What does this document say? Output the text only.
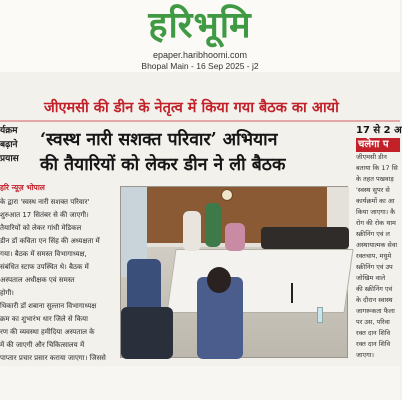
हरिभूमि
epaper.haribhoomi.com
Bhopal Main - 16 Sep 2025 - j2
जीएमसी की डीन के नेतृत्व में किया गया बैठक का आयो
र्यक्रम
बढ़ाने
प्रयास
‘स्वस्थ नारी सशक्त परिवार’ अभियान
की तैयारियों को लेकर डीन ने ली बैठक
हरि न्यूज़ भोपाल
के द्वारा 'स्वस्थ नारी सशक्त परिवार'
शुरुआत 17 सितंबर से की जाएगी।
तैयारियों को लेकर गांधी मेडिकल
डीन डॉ कविता एन सिंह की अध्यक्षता में
गया। बैठक में समस्त विभागाध्यक्ष,
संबंधित स्टाफ उपस्थित थे। बैठक में
अस्पताल अधीक्षक एवं समस्त
होगी।
थिकारी डॉ शबाना सुल्तान विभागाध्यक्ष
क्रम का शुभारंभ धार जिले से किया
रण की व्यवस्था हमीदिया अस्पताल के
में की जाएगी और चिकित्सालय में
पाप्तार प्रचार प्रसार कराया जाएगा। जिससे
17 से 2 अ
चलेगा प
जीएमसी डीन
बताया कि 17 सि
के तहत पखवाड़
'स्वस्थ सुपर से
कार्यक्रमों का आ
किया जाएगा। कै
रोग की रोक थाम
स्क्रीनिंग एवं ल
अस्थायात्मक सेवा
रक्तचाप, मधुमे
स्क्रीनिंग एवं उप
जोखिम वाले
की स्क्रीनिंग एवं
के दौरान स्वास्थ
जागरूकता फैला
पर उस, परिवा
रक्त दान शिवि
रक्त दान शिवि
जाएगा।
